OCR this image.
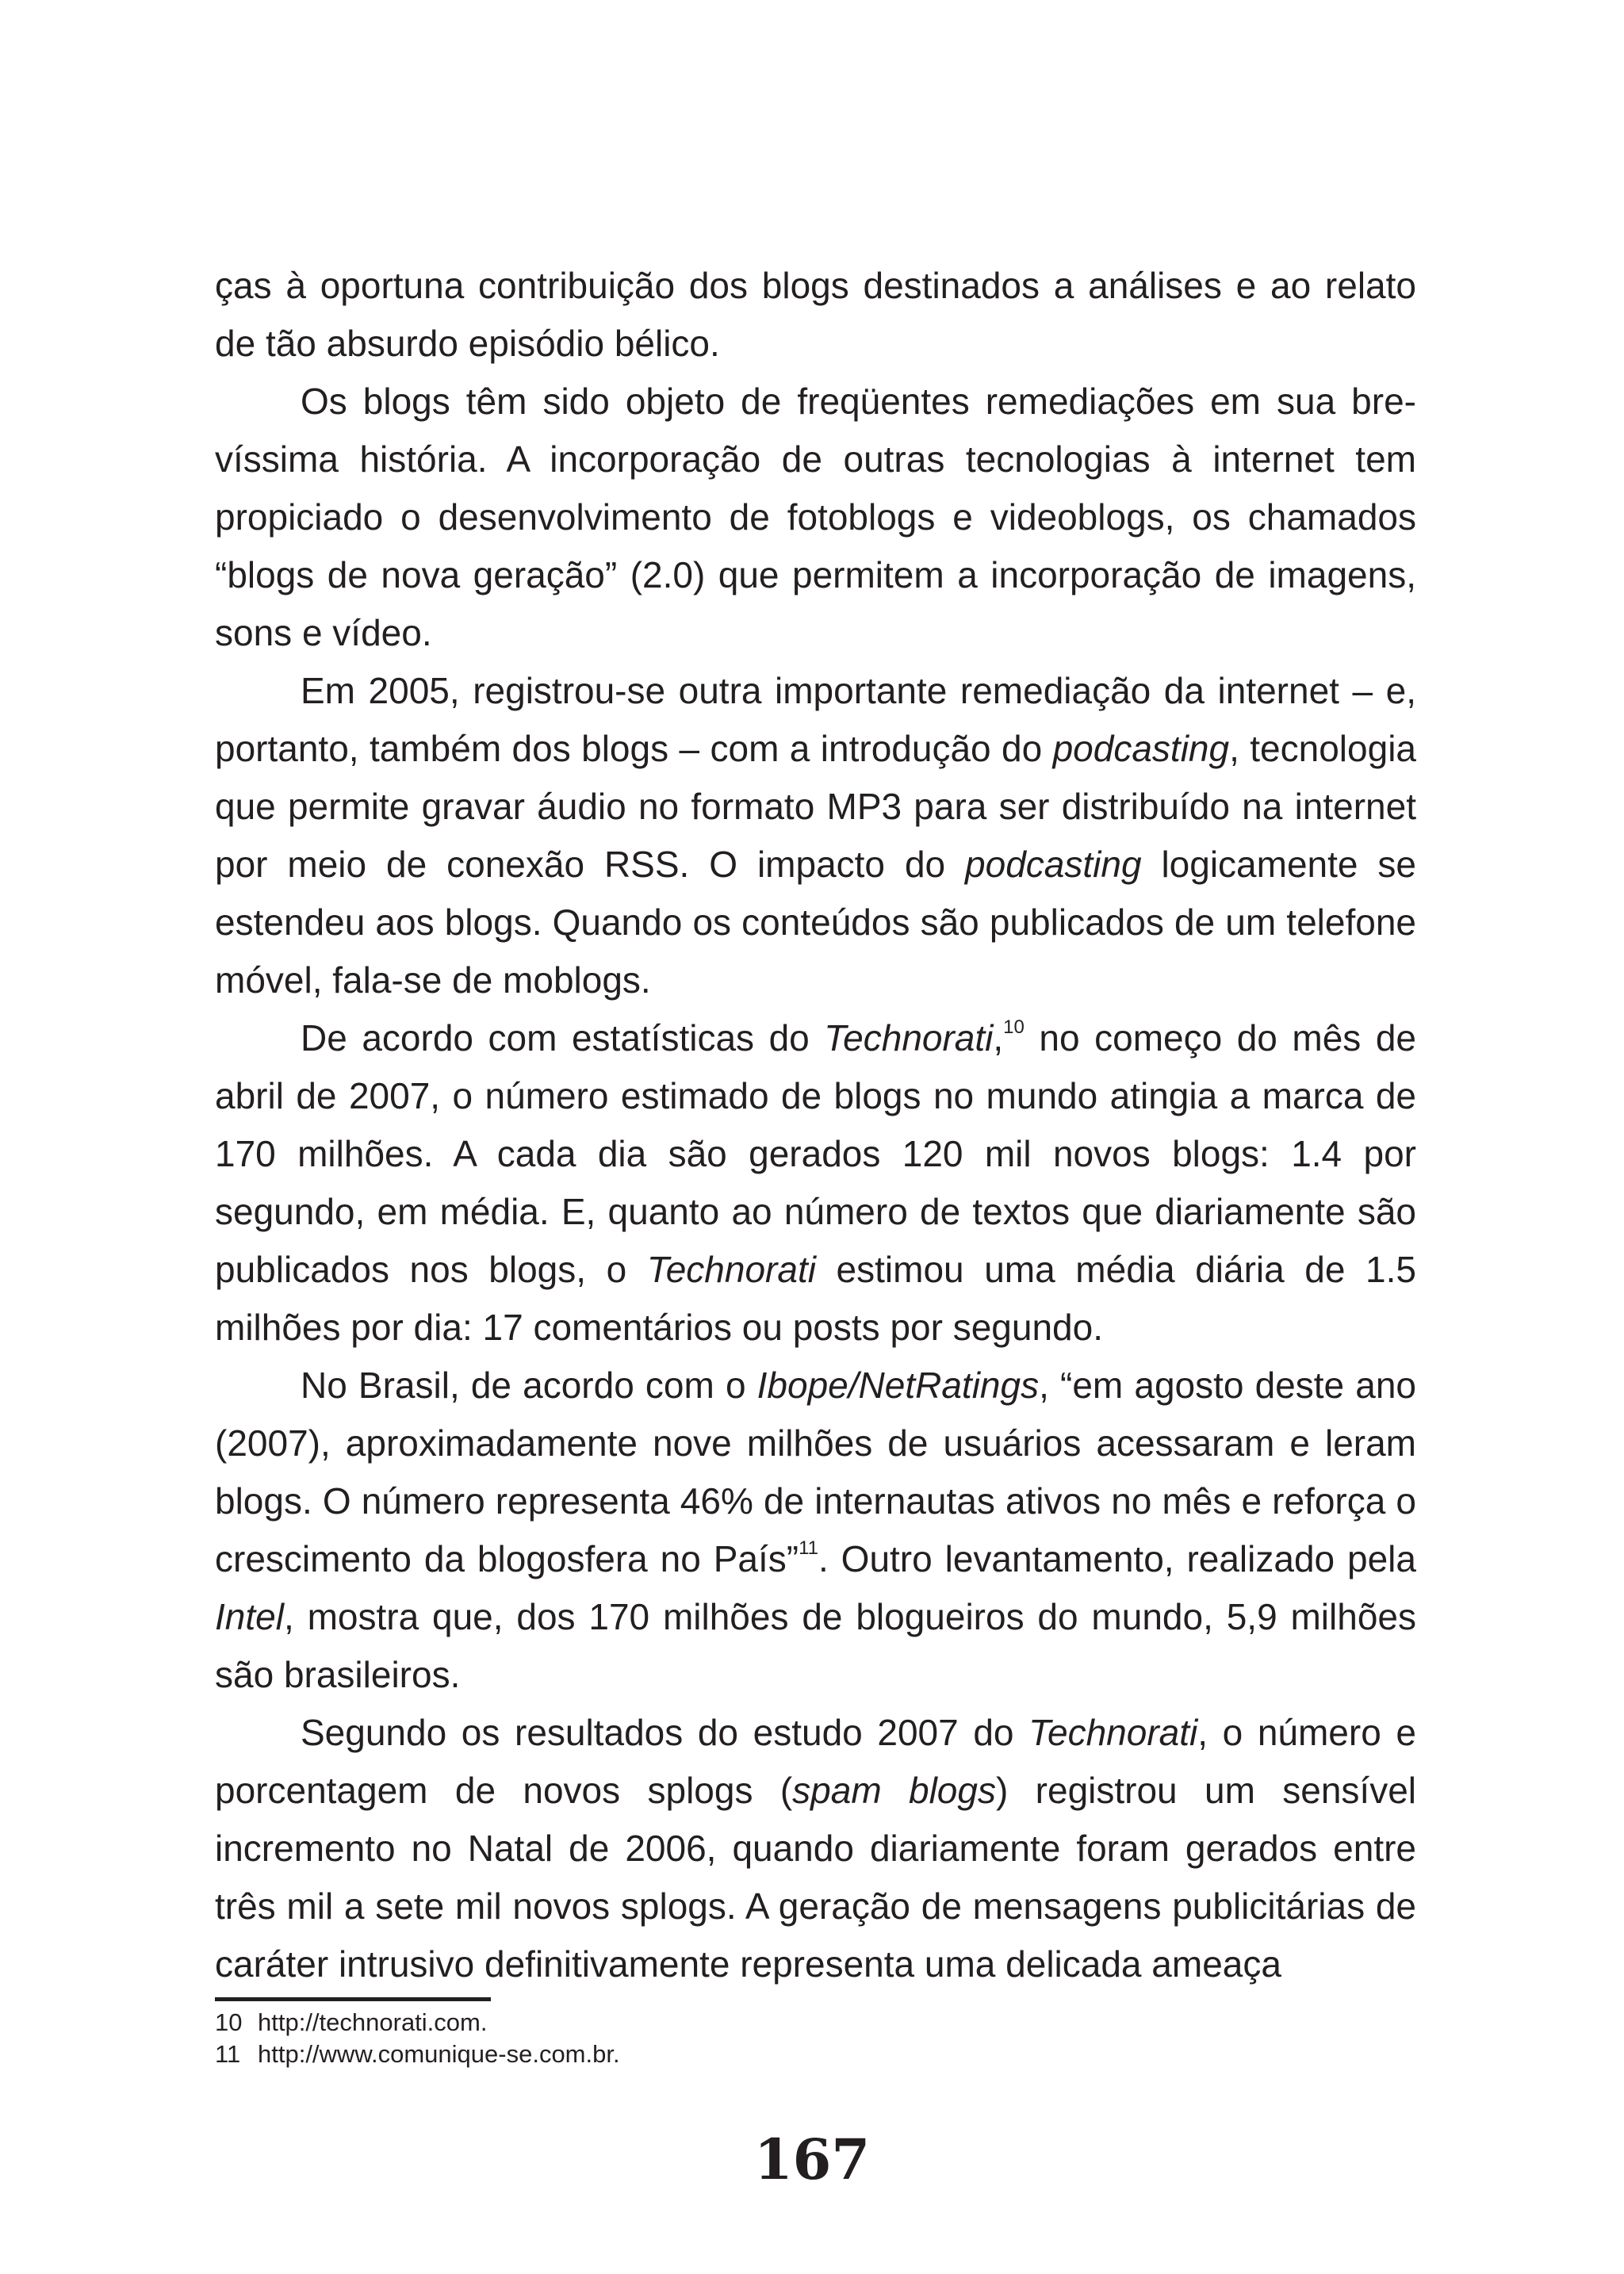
ças à oportuna contribuição dos blogs destinados a análises e ao relato de tão absurdo episódio bélico.

Os blogs têm sido objeto de freqüentes remediações em sua brevíssima história. A incorporação de outras tecnologias à internet tem propiciado o desenvolvimento de fotoblogs e videoblogs, os chamados “blogs de nova geração” (2.0) que permitem a incorporação de imagens, sons e vídeo.

Em 2005, registrou-se outra importante remediação da internet – e, portanto, também dos blogs – com a introdução do podcasting, tecnologia que permite gravar áudio no formato MP3 para ser distribuído na internet por meio de conexão RSS. O impacto do podcasting logicamente se estendeu aos blogs. Quando os conteúdos são publicados de um telefone móvel, fala-se de moblogs.

De acordo com estatísticas do Technorati,$^{10}$ no começo do mês de abril de 2007, o número estimado de blogs no mundo atingia a marca de 170 milhões. A cada dia são gerados 120 mil novos blogs: 1.4 por segundo, em média. E, quanto ao número de textos que diariamente são publicados nos blogs, o Technorati estimou uma média diária de 1.5 milhões por dia: 17 comentários ou posts por segundo.

No Brasil, de acordo com o Ibope/NetRatings, “em agosto deste ano (2007), aproximadamente nove milhões de usuários acessaram e leram blogs. O número representa 46% de internautas ativos no mês e reforça o crescimento da blogosfera no País”$^{11}$. Outro levantamento, realizado pela Intel, mostra que, dos 170 milhões de blogueiros do mundo, 5,9 milhões são brasileiros.

Segundo os resultados do estudo 2007 do Technorati, o número e porcentagem de novos splogs (spam blogs) registrou um sensível incremento no Natal de 2006, quando diariamente foram gerados entre três mil a sete mil novos splogs. A geração de mensagens publicitárias de caráter intrusivo definitivamente representa uma delicada ameaça

10 http://technorati.com.
11 http://www.comunique-se.com.br.
167
